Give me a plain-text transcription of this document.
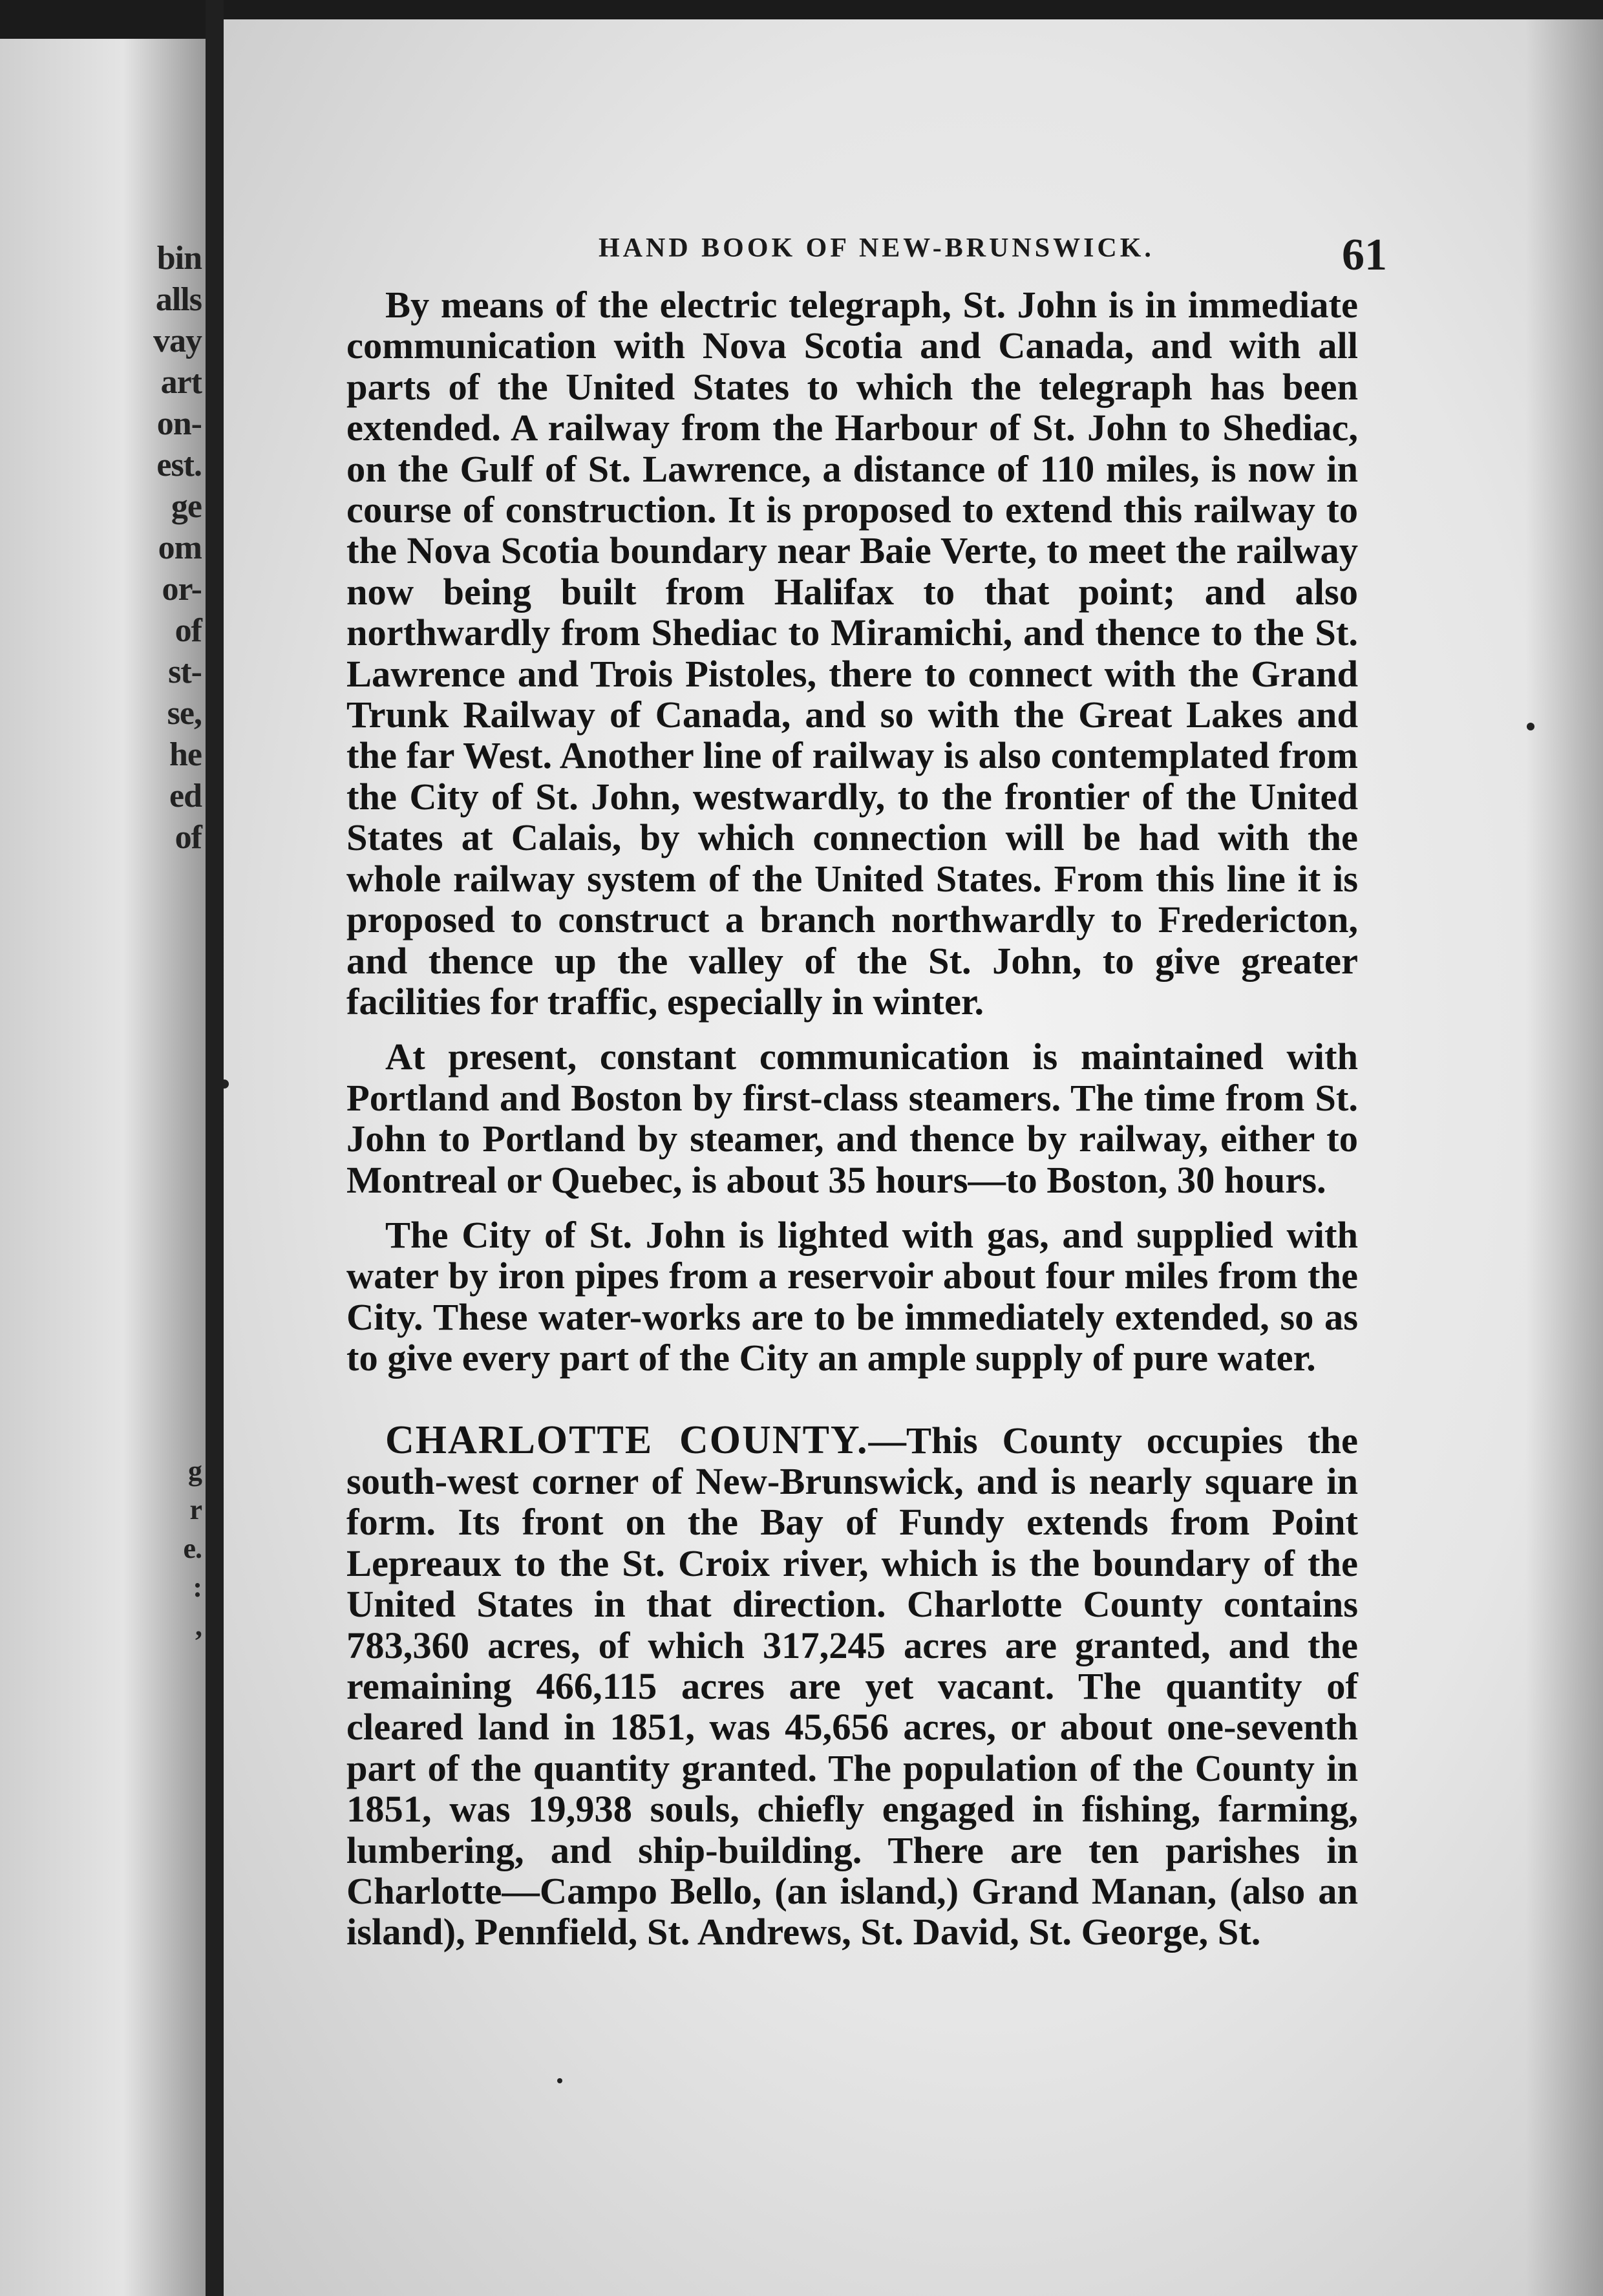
bin
alls
vay
art
on-
est.
ge
om
or-
of
st-
se,
he
ed
of
g
r
e.
:
,
HAND BOOK OF NEW-BRUNSWICK.	61

By means of the electric telegraph, St. John is in immediate communication with Nova Scotia and Canada, and with all parts of the United States to which the telegraph has been extended. A railway from the Harbour of St. John to Shediac, on the Gulf of St. Lawrence, a distance of 110 miles, is now in course of construction. It is proposed to extend this railway to the Nova Scotia boundary near Baie Verte, to meet the railway now being built from Halifax to that point; and also northwardly from Shediac to Miramichi, and thence to the St. Lawrence and Trois Pistoles, there to connect with the Grand Trunk Railway of Canada, and so with the Great Lakes and the far West. Another line of railway is also contemplated from the City of St. John, westwardly, to the frontier of the United States at Calais, by which connection will be had with the whole railway system of the United States. From this line it is proposed to construct a branch northwardly to Fredericton, and thence up the valley of the St. John, to give greater facilities for traffic, especially in winter.

At present, constant communication is maintained with Portland and Boston by first-class steamers. The time from St. John to Portland by steamer, and thence by railway, either to Montreal or Quebec, is about 35 hours—to Boston, 30 hours.

The City of St. John is lighted with gas, and supplied with water by iron pipes from a reservoir about four miles from the City. These water-works are to be immediately extended, so as to give every part of the City an ample supply of pure water.

CHARLOTTE COUNTY.—This County occupies the south-west corner of New-Brunswick, and is nearly square in form. Its front on the Bay of Fundy extends from Point Lepreaux to the St. Croix river, which is the boundary of the United States in that direction. Charlotte County contains 783,360 acres, of which 317,245 acres are granted, and the remaining 466,115 acres are yet vacant. The quantity of cleared land in 1851, was 45,656 acres, or about one-seventh part of the quantity granted. The population of the County in 1851, was 19,938 souls, chiefly engaged in fishing, farming, lumbering, and ship-building. There are ten parishes in Charlotte—Campo Bello, (an island,) Grand Manan, (also an island), Pennfield, St. Andrews, St. David, St. George, St.
